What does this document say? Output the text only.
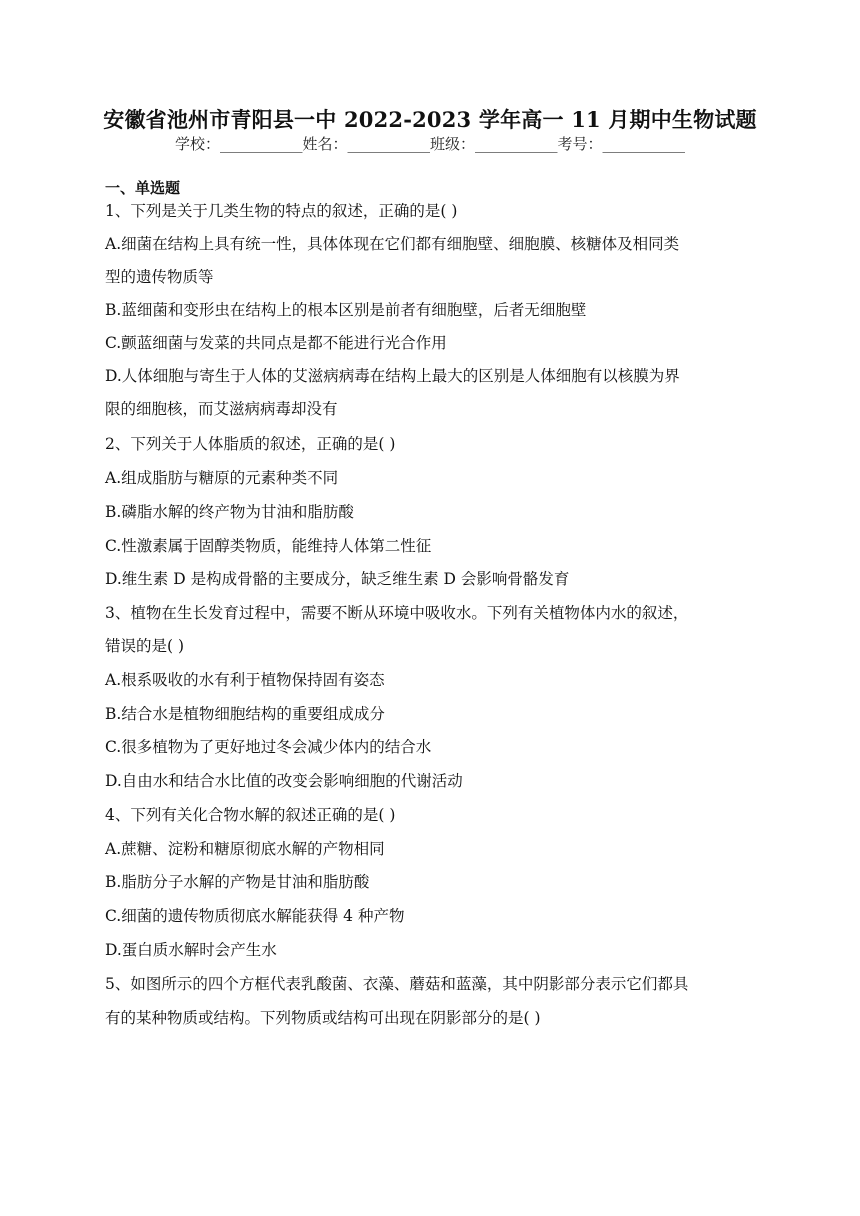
安徽省池州市青阳县一中 2022-2023 学年高一 11 月期中生物试题
学校：___________姓名：___________班级：___________考号：___________
一、单选题
1、下列是关于几类生物的特点的叙述，正确的是( )
A.细菌在结构上具有统一性，具体体现在它们都有细胞壁、细胞膜、核糖体及相同类
型的遗传物质等
B.蓝细菌和变形虫在结构上的根本区别是前者有细胞壁，后者无细胞壁
C.颤蓝细菌与发菜的共同点是都不能进行光合作用
D.人体细胞与寄生于人体的艾滋病病毒在结构上最大的区别是人体细胞有以核膜为界
限的细胞核，而艾滋病病毒却没有
2、下列关于人体脂质的叙述，正确的是( )
A.组成脂肪与糖原的元素种类不同
B.磷脂水解的终产物为甘油和脂肪酸
C.性激素属于固醇类物质，能维持人体第二性征
D.维生素 D 是构成骨骼的主要成分，缺乏维生素 D 会影响骨骼发育
3、植物在生长发育过程中，需要不断从环境中吸收水。下列有关植物体内水的叙述，
错误的是( )
A.根系吸收的水有利于植物保持固有姿态
B.结合水是植物细胞结构的重要组成成分
C.很多植物为了更好地过冬会减少体内的结合水
D.自由水和结合水比值的改变会影响细胞的代谢活动
4、下列有关化合物水解的叙述正确的是( )
A.蔗糖、淀粉和糖原彻底水解的产物相同
B.脂肪分子水解的产物是甘油和脂肪酸
C.细菌的遗传物质彻底水解能获得 4 种产物
D.蛋白质水解时会产生水
5、如图所示的四个方框代表乳酸菌、衣藻、蘑菇和蓝藻，其中阴影部分表示它们都具
有的某种物质或结构。下列物质或结构可出现在阴影部分的是( )
